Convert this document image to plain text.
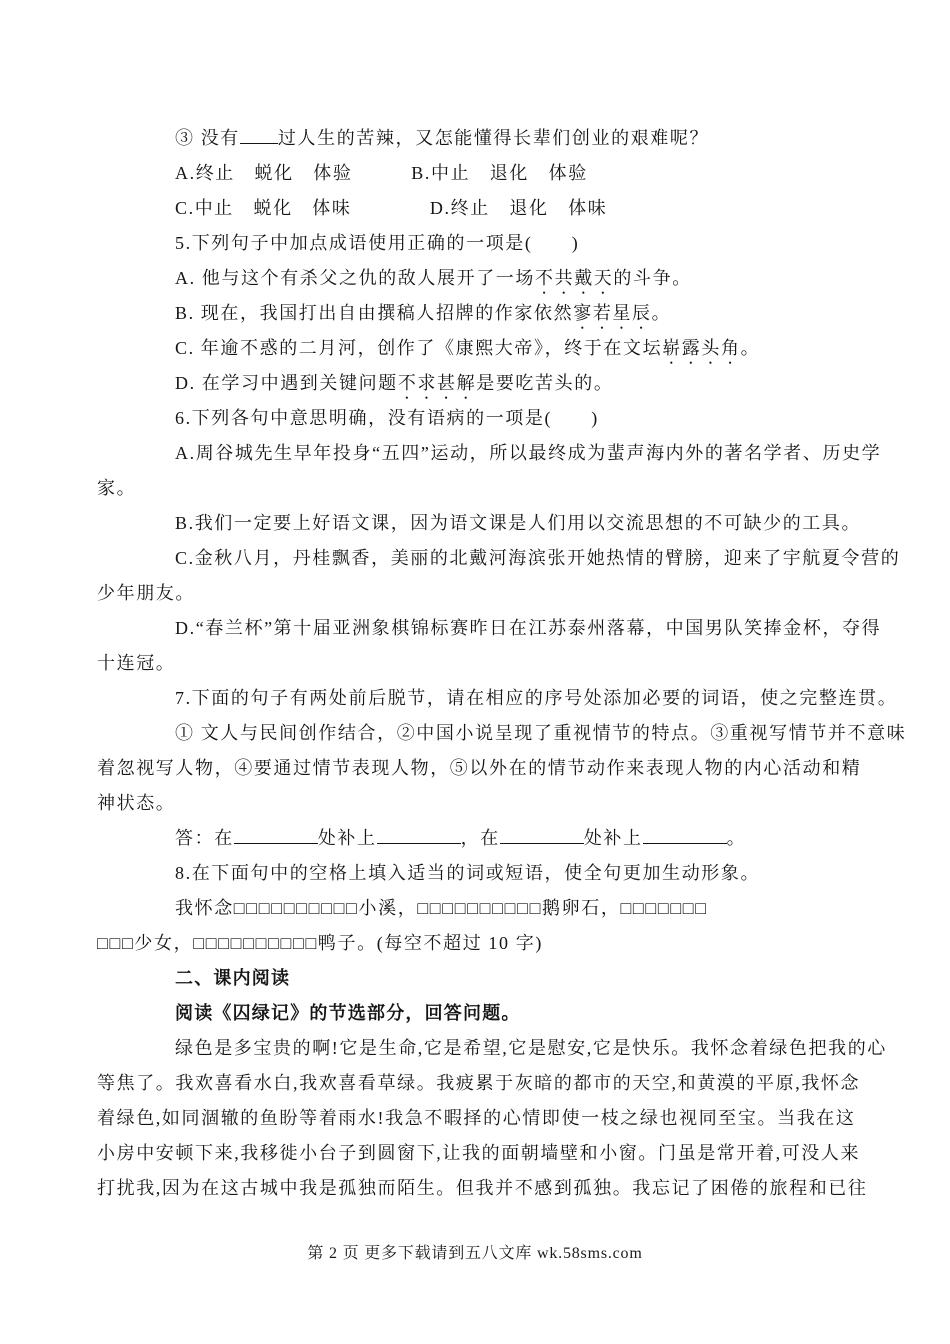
③ 没有 过人生的苦辣，又怎能懂得长辈们创业的艰难呢？
A.终止　蜕化　体验　　　B.中止　退化　体验
C.中止　蜕化　体味　　　　D.终止　退化　体味
5.下列句子中加点成语使用正确的一项是(　　)
A. 他与这个有杀父之仇的敌人展开了一场不共戴天的斗争。
B. 现在，我国打出自由撰稿人招牌的作家依然寥若星辰。
C. 年逾不惑的二月河，创作了《康熙大帝》，终于在文坛崭露头角。
D. 在学习中遇到关键问题不求甚解是要吃苦头的。
6.下列各句中意思明确，没有语病的一项是(　　)
A.周谷城先生早年投身“五四”运动，所以最终成为蜚声海内外的著名学者、历史学
家。
B.我们一定要上好语文课，因为语文课是人们用以交流思想的不可缺少的工具。
C.金秋八月，丹桂飘香，美丽的北戴河海滨张开她热情的臂膀，迎来了宇航夏令营的
少年朋友。
D.“春兰杯”第十届亚洲象棋锦标赛昨日在江苏泰州落幕，中国男队笑捧金杯，夺得
十连冠。
7.下面的句子有两处前后脱节，请在相应的序号处添加必要的词语，使之完整连贯。
① 文人与民间创作结合，②中国小说呈现了重视情节的特点。③重视写情节并不意味
着忽视写人物，④要通过情节表现人物，⑤以外在的情节动作来表现人物的内心活动和精
神状态。
答：在	处补上	，在	处补上	。
8.在下面句中的空格上填入适当的词或短语，使全句更加生动形象。
我怀念□□□□□□□□□□小溪，□□□□□□□□□□鹅卵石，□□□□□□□
□□□少女，□□□□□□□□□□鸭子。(每空不超过 10 字)
二、课内阅读
阅读《囚绿记》的节选部分，回答问题。
绿色是多宝贵的啊!它是生命,它是希望,它是慰安,它是快乐。我怀念着绿色把我的心
等焦了。我欢喜看水白,我欢喜看草绿。我疲累于灰暗的都市的天空,和黄漠的平原,我怀念
着绿色,如同涸辙的鱼盼等着雨水!我急不暇择的心情即使一枝之绿也视同至宝。当我在这
小房中安顿下来,我移徙小台子到圆窗下,让我的面朝墙壁和小窗。门虽是常开着,可没人来
打扰我,因为在这古城中我是孤独而陌生。但我并不感到孤独。我忘记了困倦的旅程和已往
第 2 页 更多下载请到五八文库 wk.58sms.com
